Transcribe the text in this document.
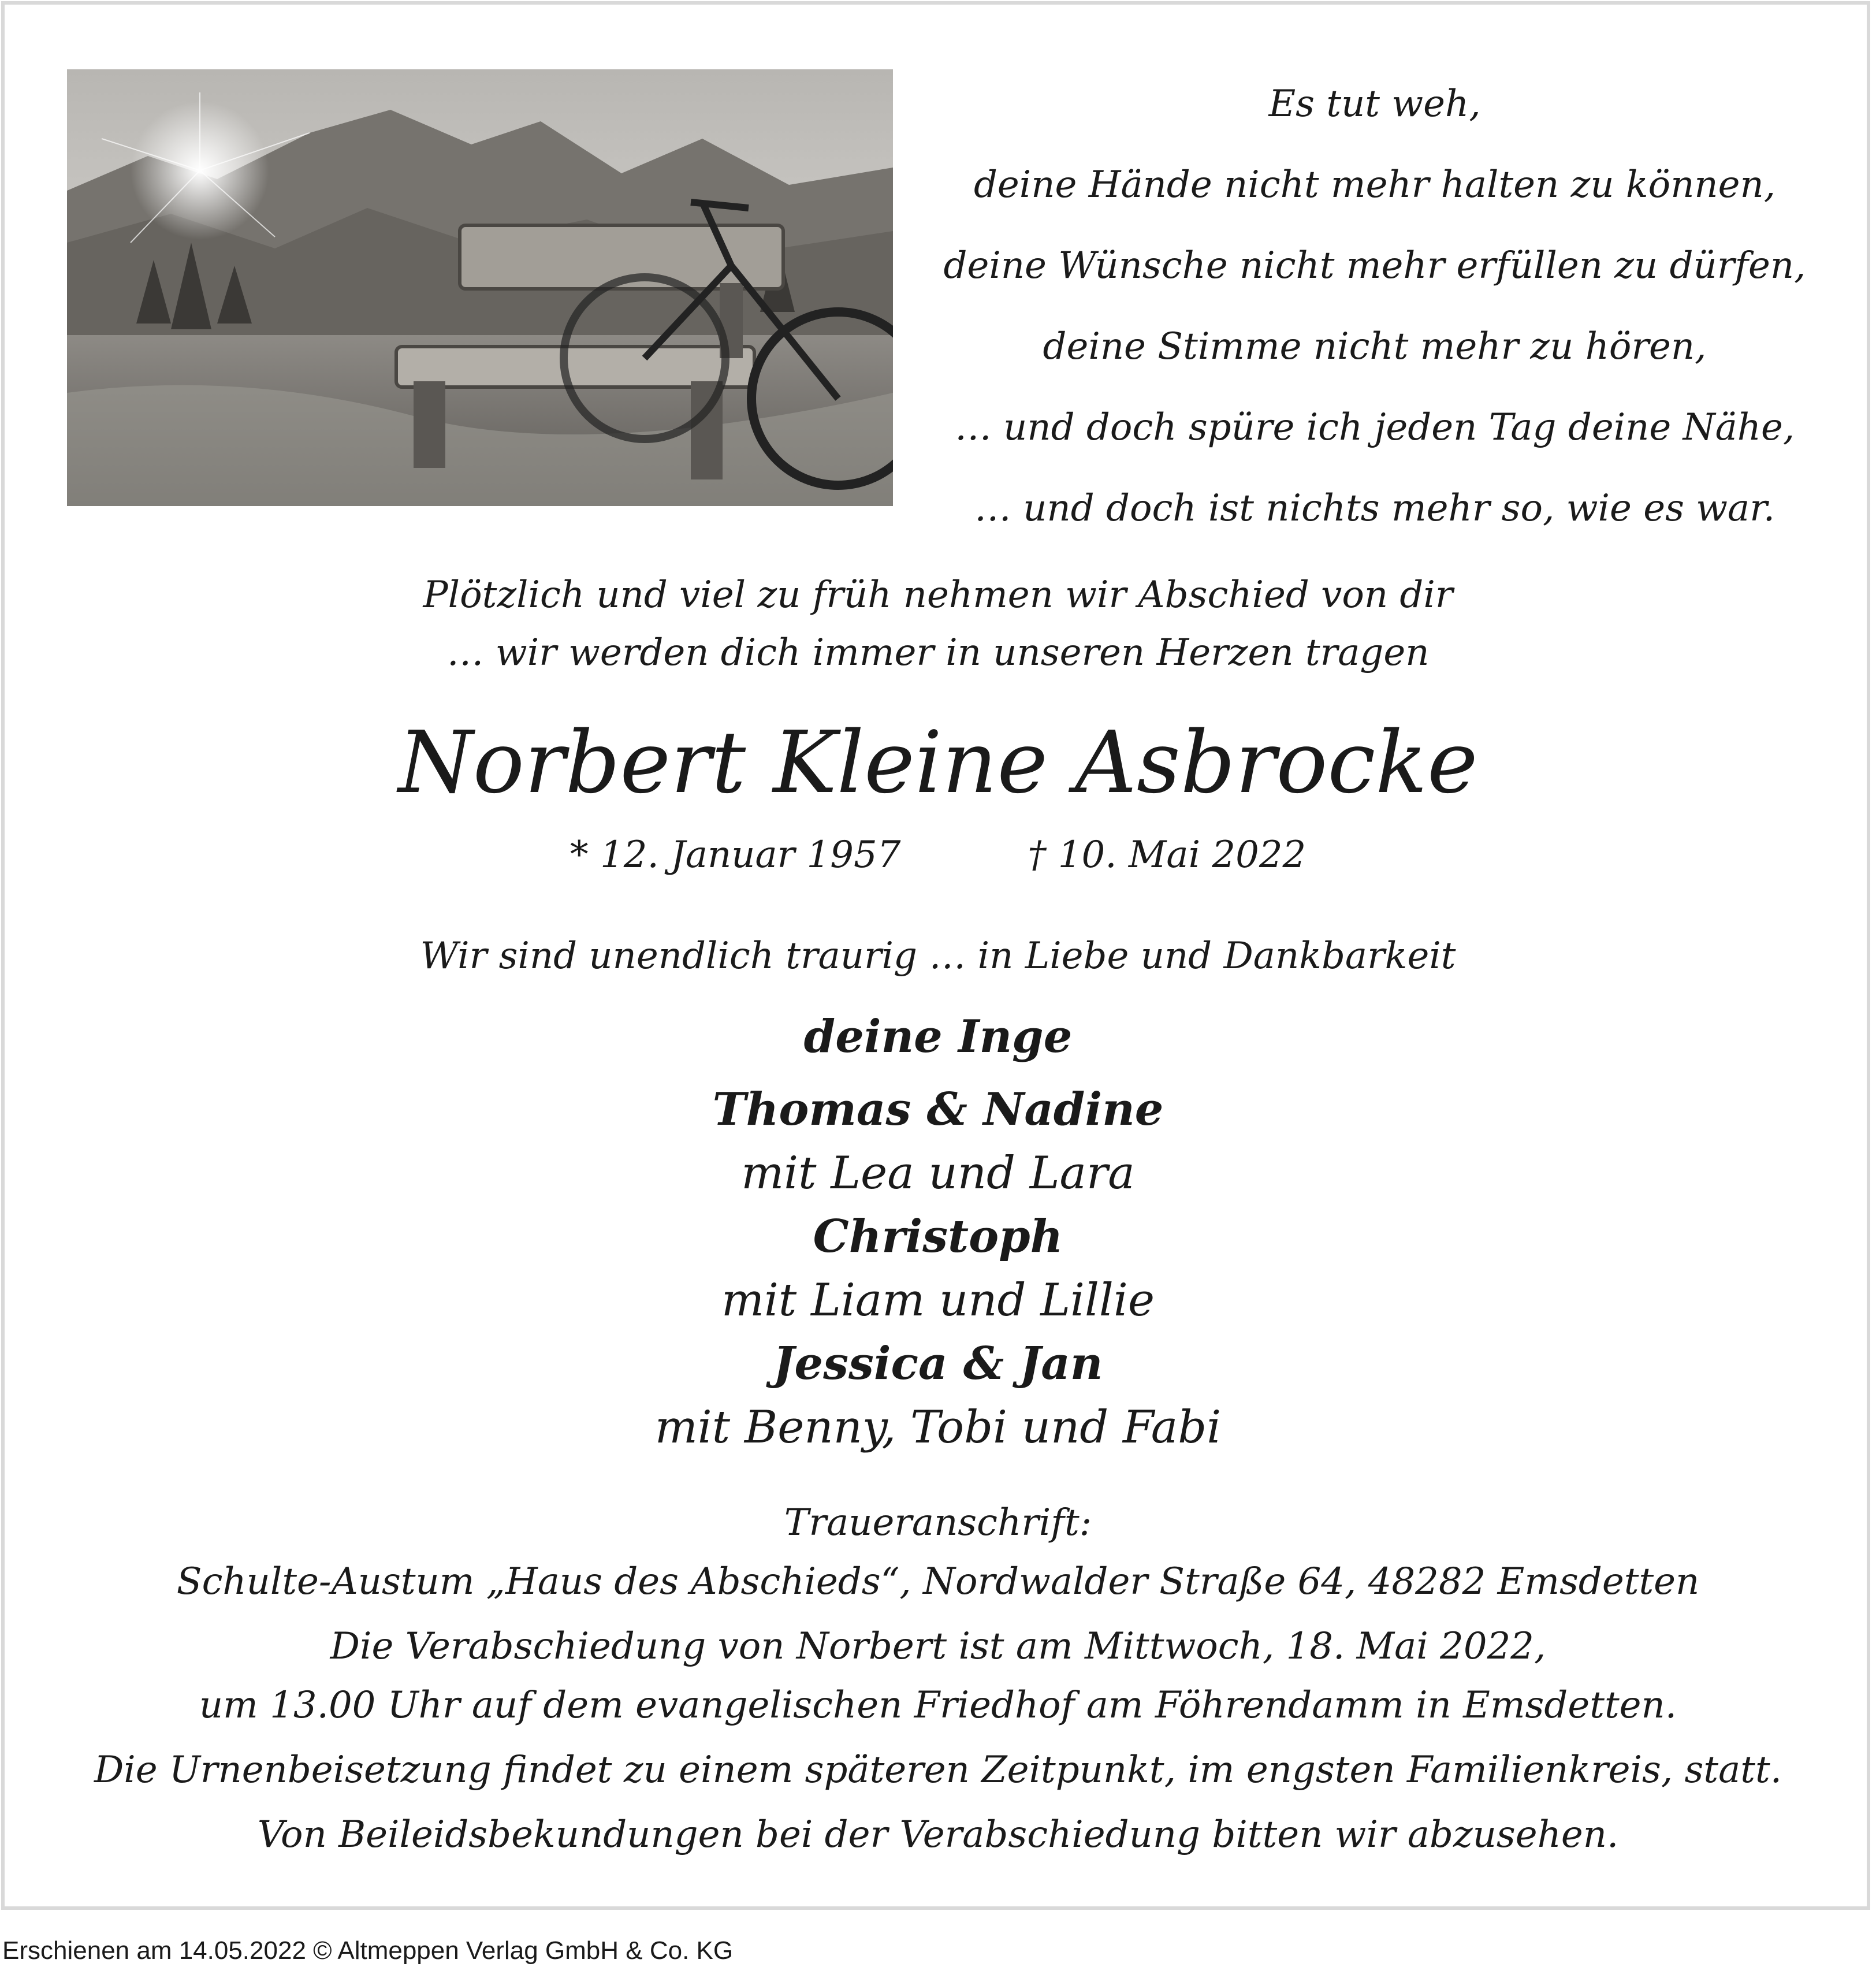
Es tut weh,
deine Hände nicht mehr halten zu können,
deine Wünsche nicht mehr erfüllen zu dürfen,
deine Stimme nicht mehr zu hören,
… und doch spüre ich jeden Tag deine Nähe,
… und doch ist nichts mehr so, wie es war.
Plötzlich und viel zu früh nehmen wir Abschied von dir
… wir werden dich immer in unseren Herzen tragen
Norbert Kleine Asbrocke
* 12. Januar 1957	† 10. Mai 2022
Wir sind unendlich traurig … in Liebe und Dankbarkeit
deine Inge
Thomas & Nadine
mit Lea und Lara
Christoph
mit Liam und Lillie
Jessica & Jan
mit Benny, Tobi und Fabi
Traueranschrift:
Schulte-Austum „Haus des Abschieds“, Nordwalder Straße 64, 48282 Emsdetten
Die Verabschiedung von Norbert ist am Mittwoch, 18. Mai 2022,
um 13.00 Uhr auf dem evangelischen Friedhof am Föhrendamm in Emsdetten.
Die Urnenbeisetzung findet zu einem späteren Zeitpunkt, im engsten Familienkreis, statt.
Von Beileidsbekundungen bei der Verabschiedung bitten wir abzusehen.
Erschienen am 14.05.2022 © Altmeppen Verlag GmbH & Co. KG
